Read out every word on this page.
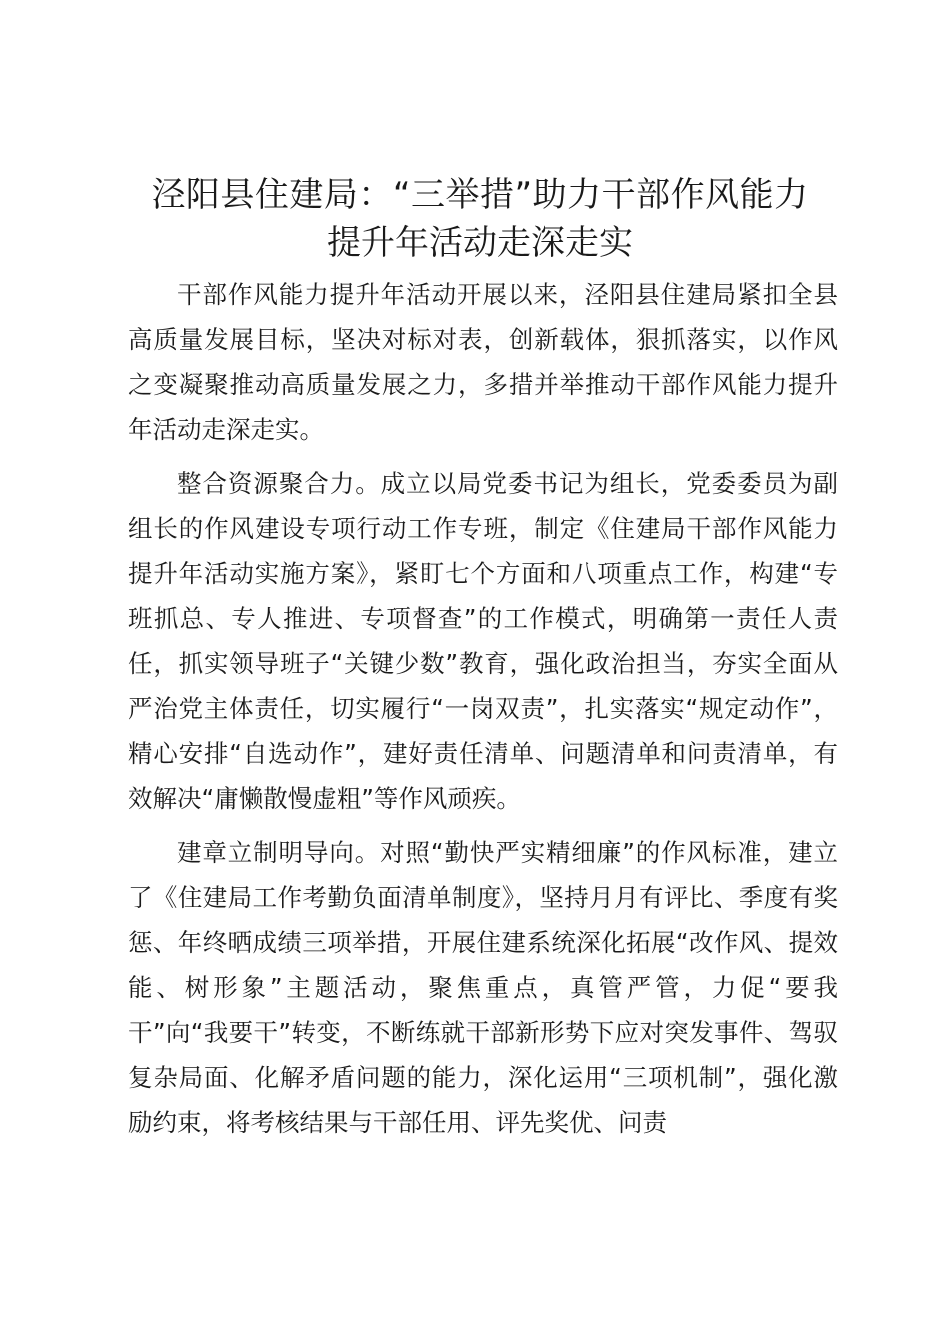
泾阳县住建局：“三举措”助力干部作风能力
提升年活动走深走实

干部作风能力提升年活动开展以来，泾阳县住建局紧扣全县高质量发展目标，坚决对标对表，创新载体，狠抓落实，以作风之变凝聚推动高质量发展之力，多措并举推动干部作风能力提升年活动走深走实。

整合资源聚合力。成立以局党委书记为组长，党委委员为副组长的作风建设专项行动工作专班，制定《住建局干部作风能力提升年活动实施方案》，紧盯七个方面和八项重点工作，构建“专班抓总、专人推进、专项督查”的工作模式，明确第一责任人责任，抓实领导班子“关键少数”教育，强化政治担当，夯实全面从严治党主体责任，切实履行“一岗双责”，扎实落实“规定动作”，精心安排“自选动作”，建好责任清单、问题清单和问责清单，有效解决“庸懒散慢虚粗”等作风顽疾。

建章立制明导向。对照“勤快严实精细廉”的作风标准，建立了《住建局工作考勤负面清单制度》，坚持月月有评比、季度有奖惩、年终晒成绩三项举措，开展住建系统深化拓展“改作风、提效能、树形象”主题活动，聚焦重点，真管严管，力促“要我干”向“我要干”转变，不断练就干部新形势下应对突发事件、驾驭复杂局面、化解矛盾问题的能力，深化运用“三项机制”，强化激励约束，将考核结果与干部任用、评先奖优、问责
